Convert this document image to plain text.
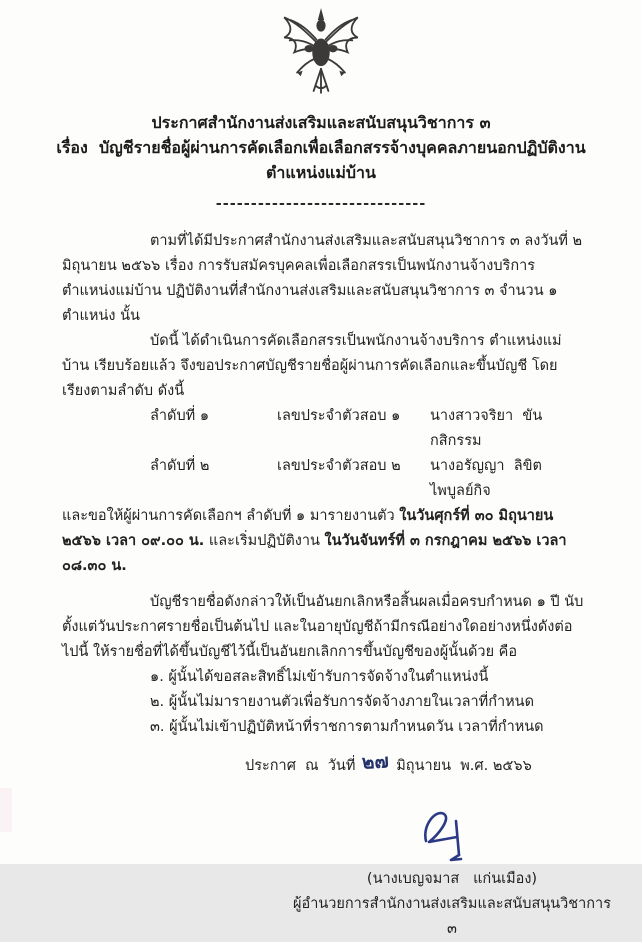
ประกาศสำนักงานส่งเสริมและสนับสนุนวิชาการ ๓
เรื่อง  บัญชีรายชื่อผู้ผ่านการคัดเลือกเพื่อเลือกสรรจ้างบุคคลภายนอกปฏิบัติงาน
ตำแหน่งแม่บ้าน
------------------------------

ตามที่ได้มีประกาศสำนักงานส่งเสริมและสนับสนุนวิชาการ ๓ ลงวันที่ ๒ มิถุนายน ๒๕๖๖ เรื่อง การรับสมัครบุคคลเพื่อเลือกสรรเป็นพนักงานจ้างบริการ ตำแหน่งแม่บ้าน ปฏิบัติงานที่สำนักงานส่งเสริมและสนับสนุนวิชาการ ๓ จำนวน ๑ ตำแหน่ง นั้น

บัดนี้ ได้ดำเนินการคัดเลือกสรรเป็นพนักงานจ้างบริการ ตำแหน่งแม่บ้าน เรียบร้อยแล้ว จึงขอประกาศบัญชีรายชื่อผู้ผ่านการคัดเลือกและขึ้นบัญชี โดยเรียงตามลำดับ ดังนี้

ลำดับที่ ๑	เลขประจำตัวสอบ ๑	นางสาวจริยา  ขันกสิกรรม
ลำดับที่ ๒	เลขประจำตัวสอบ ๒	นางอรัญญา  ลิขิตไพบูลย์กิจ

และขอให้ผู้ผ่านการคัดเลือกฯ ลำดับที่ ๑ มารายงานตัว ในวันศุกร์ที่ ๓๐ มิถุนายน ๒๕๖๖ เวลา ๐๙.๐๐ น. และเริ่มปฏิบัติงาน ในวันจันทร์ที่ ๓ กรกฎาคม ๒๕๖๖ เวลา ๐๘.๓๐ น.

บัญชีรายชื่อดังกล่าวให้เป็นอันยกเลิกหรือสิ้นผลเมื่อครบกำหนด ๑ ปี นับตั้งแต่วันประกาศรายชื่อเป็นต้นไป และในอายุบัญชีถ้ามีกรณีอย่างใดอย่างหนึ่งดังต่อไปนี้ ให้รายชื่อที่ได้ขึ้นบัญชีไว้นี้เป็นอันยกเลิกการขึ้นบัญชีของผู้นั้นด้วย คือ

๑. ผู้นั้นได้ขอสละสิทธิ์ไม่เข้ารับการจัดจ้างในตำแหน่งนี้
๒. ผู้นั้นไม่มารายงานตัวเพื่อรับการจัดจ้างภายในเวลาที่กำหนด
๓. ผู้นั้นไม่เข้าปฏิบัติหน้าที่ราชการตามกำหนดวัน เวลาที่กำหนด
ประกาศ  ณ  วันที่ ๒๗ มิถุนายน  พ.ศ. ๒๕๖๖
(นางเบญจมาส   แก่นเมือง)
ผู้อำนวยการสำนักงานส่งเสริมและสนับสนุนวิชาการ ๓
